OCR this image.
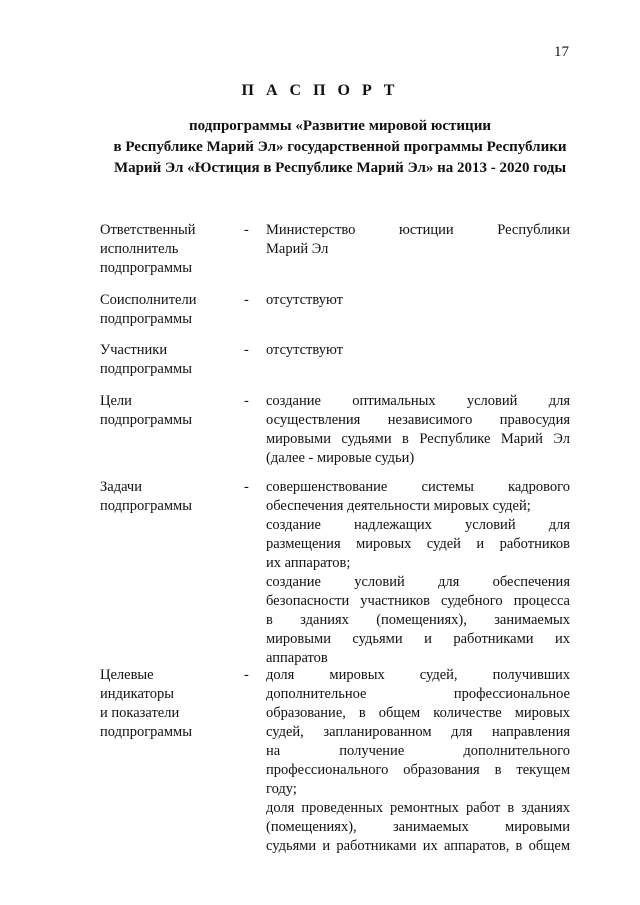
17
П А С П О Р Т
подпрограммы «Развитие мировой юстиции
в Республике Марий Эл» государственной программы Республики
Марий Эл «Юстиция в Республике Марий Эл» на 2013 - 2020 годы
Ответственный
исполнитель
подпрограммы
- Министерство юстиции Республики
Марий Эл
Соисполнители
подпрограммы
- отсутствуют
Участники
подпрограммы
- отсутствуют
Цели
подпрограммы
- создание оптимальных условий для
осуществления независимого правосудия
мировыми судьями в Республике Марий Эл
(далее - мировые судьи)
Задачи
подпрограммы
- совершенствование системы кадрового
обеспечения деятельности мировых судей;
создание надлежащих условий для
размещения мировых судей и работников
их аппаратов;
создание условий для обеспечения
безопасности участников судебного процесса
в зданиях (помещениях), занимаемых
мировыми судьями и работниками их
аппаратов
Целевые
индикаторы
и показатели
подпрограммы
- доля мировых судей, получивших
дополнительное профессиональное
образование, в общем количестве мировых
судей, запланированном для направления
на получение дополнительного
профессионального образования в текущем
году;
доля проведенных ремонтных работ в зданиях
(помещениях), занимаемых мировыми
судьями и работниками их аппаратов, в общем
